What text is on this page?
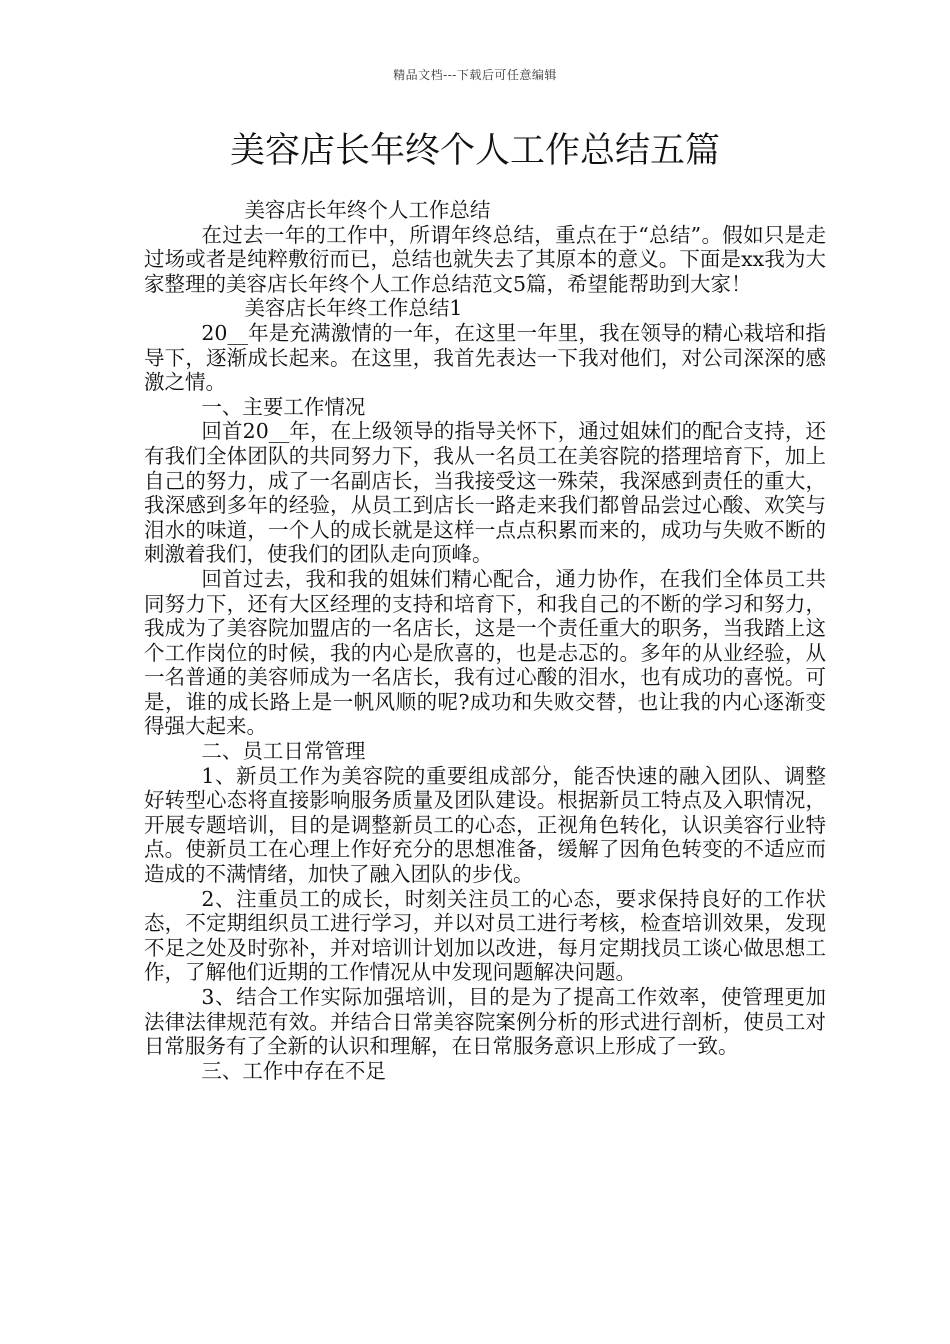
精品文档---下载后可任意编辑
美容店长年终个人工作总结五篇

美容店长年终个人工作总结

在过去一年的工作中，所谓年终总结，重点在于“总结”。假如只是走过场或者是纯粹敷衍而已，总结也就失去了其原本的意义。下面是xx我为大家整理的美容店长年终个人工作总结范文5篇，希望能帮助到大家！

美容店长年终工作总结1

20__年是充满激情的一年，在这里一年里，我在领导的精心栽培和指导下，逐渐成长起来。在这里，我首先表达一下我对他们，对公司深深的感激之情。

一、主要工作情况

回首20__年，在上级领导的指导关怀下，通过姐妹们的配合支持，还有我们全体团队的共同努力下，我从一名员工在美容院的搭理培育下，加上自己的努力，成了一名副店长，当我接受这一殊荣，我深感到责任的重大，我深感到多年的经验，从员工到店长一路走来我们都曾品尝过心酸、欢笑与泪水的味道，一个人的成长就是这样一点点积累而来的，成功与失败不断的刺激着我们，使我们的团队走向顶峰。

回首过去，我和我的姐妹们精心配合，通力协作，在我们全体员工共同努力下，还有大区经理的支持和培育下，和我自己的不断的学习和努力，我成为了美容院加盟店的一名店长，这是一个责任重大的职务，当我踏上这个工作岗位的时候，我的内心是欣喜的，也是忐忑的。多年的从业经验，从一名普通的美容师成为一名店长，我有过心酸的泪水，也有成功的喜悦。可是，谁的成长路上是一帆风顺的呢?成功和失败交替，也让我的内心逐渐变得强大起来。

二、员工日常管理

1、新员工作为美容院的重要组成部分，能否快速的融入团队、调整好转型心态将直接影响服务质量及团队建设。根据新员工特点及入职情况，开展专题培训，目的是调整新员工的心态，正视角色转化，认识美容行业特点。使新员工在心理上作好充分的思想准备，缓解了因角色转变的不适应而造成的不满情绪，加快了融入团队的步伐。

2、注重员工的成长，时刻关注员工的心态，要求保持良好的工作状态，不定期组织员工进行学习，并以对员工进行考核，检查培训效果，发现不足之处及时弥补，并对培训计划加以改进，每月定期找员工谈心做思想工作，了解他们近期的工作情况从中发现问题解决问题。

3、结合工作实际加强培训，目的是为了提高工作效率，使管理更加法律法律规范有效。并结合日常美容院案例分析的形式进行剖析，使员工对日常服务有了全新的认识和理解，在日常服务意识上形成了一致。

三、工作中存在不足
